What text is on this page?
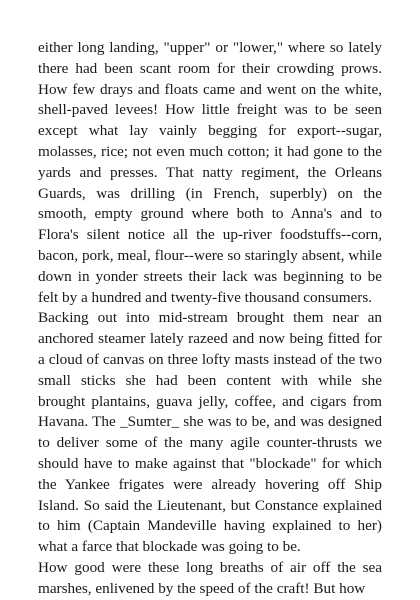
either long landing, "upper" or "lower," where so lately there had been scant room for their crowding prows. How few drays and floats came and went on the white, shell-paved levees! How little freight was to be seen except what lay vainly begging for export--sugar, molasses, rice; not even much cotton; it had gone to the yards and presses. That natty regiment, the Orleans Guards, was drilling (in French, superbly) on the smooth, empty ground where both to Anna's and to Flora's silent notice all the up-river foodstuffs--corn, bacon, pork, meal, flour--were so staringly absent, while down in yonder streets their lack was beginning to be felt by a hundred and twenty-five thousand consumers.

Backing out into mid-stream brought them near an anchored steamer lately razeed and now being fitted for a cloud of canvas on three lofty masts instead of the two small sticks she had been content with while she brought plantains, guava jelly, coffee, and cigars from Havana. The _Sumter_ she was to be, and was designed to deliver some of the many agile counter-thrusts we should have to make against that "blockade" for which the Yankee frigates were already hovering off Ship Island. So said the Lieutenant, but Constance explained to him (Captain Mandeville having explained to her) what a farce that blockade was going to be.

How good were these long breaths of air off the sea marshes, enlivened by the speed of the craft! But how
